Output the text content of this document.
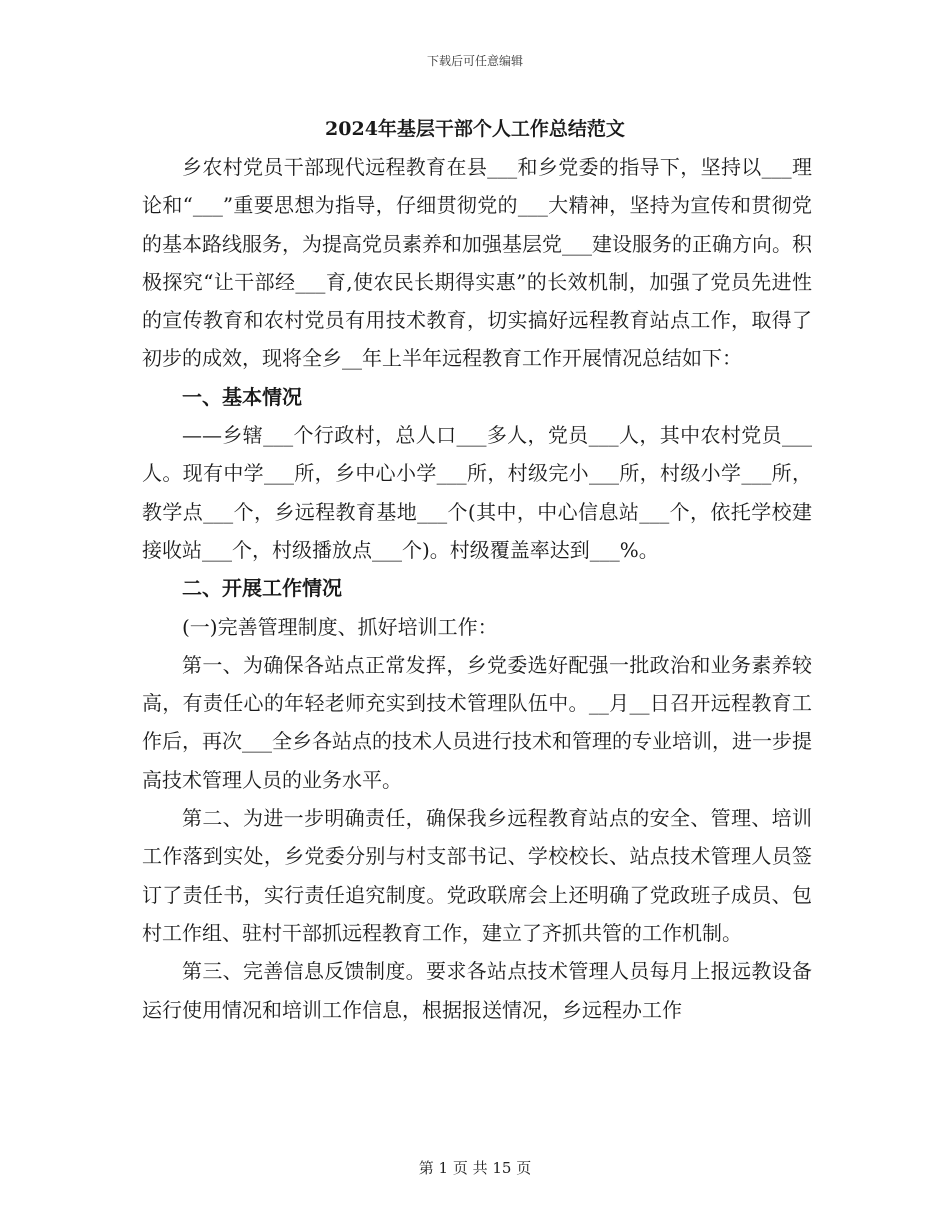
下载后可任意编辑
2024年基层干部个人工作总结范文

乡农村党员干部现代远程教育在县___和乡党委的指导下，坚持以___理论和“___”重要思想为指导，仔细贯彻党的___大精神，坚持为宣传和贯彻党的基本路线服务，为提高党员素养和加强基层党___建设服务的正确方向。积极探究“让干部经___育,使农民长期得实惠”的长效机制，加强了党员先进性的宣传教育和农村党员有用技术教育，切实搞好远程教育站点工作，取得了初步的成效，现将全乡__年上半年远程教育工作开展情况总结如下：

一、基本情况

——乡辖___个行政村，总人口___多人，党员___人，其中农村党员___人。现有中学___所，乡中心小学___所，村级完小___所，村级小学___所，教学点___个，乡远程教育基地___个(其中，中心信息站___个，依托学校建接收站___个，村级播放点___个)。村级覆盖率达到___%。

二、开展工作情况

(一)完善管理制度、抓好培训工作：

第一、为确保各站点正常发挥，乡党委选好配强一批政治和业务素养较高，有责任心的年轻老师充实到技术管理队伍中。__月__日召开远程教育工作后，再次___全乡各站点的技术人员进行技术和管理的专业培训，进一步提高技术管理人员的业务水平。

第二、为进一步明确责任，确保我乡远程教育站点的安全、管理、培训工作落到实处，乡党委分别与村支部书记、学校校长、站点技术管理人员签订了责任书，实行责任追究制度。党政联席会上还明确了党政班子成员、包村工作组、驻村干部抓远程教育工作，建立了齐抓共管的工作机制。

第三、完善信息反馈制度。要求各站点技术管理人员每月上报远教设备运行使用情况和培训工作信息，根据报送情况，乡远程办工作

第 1 页 共 15 页
